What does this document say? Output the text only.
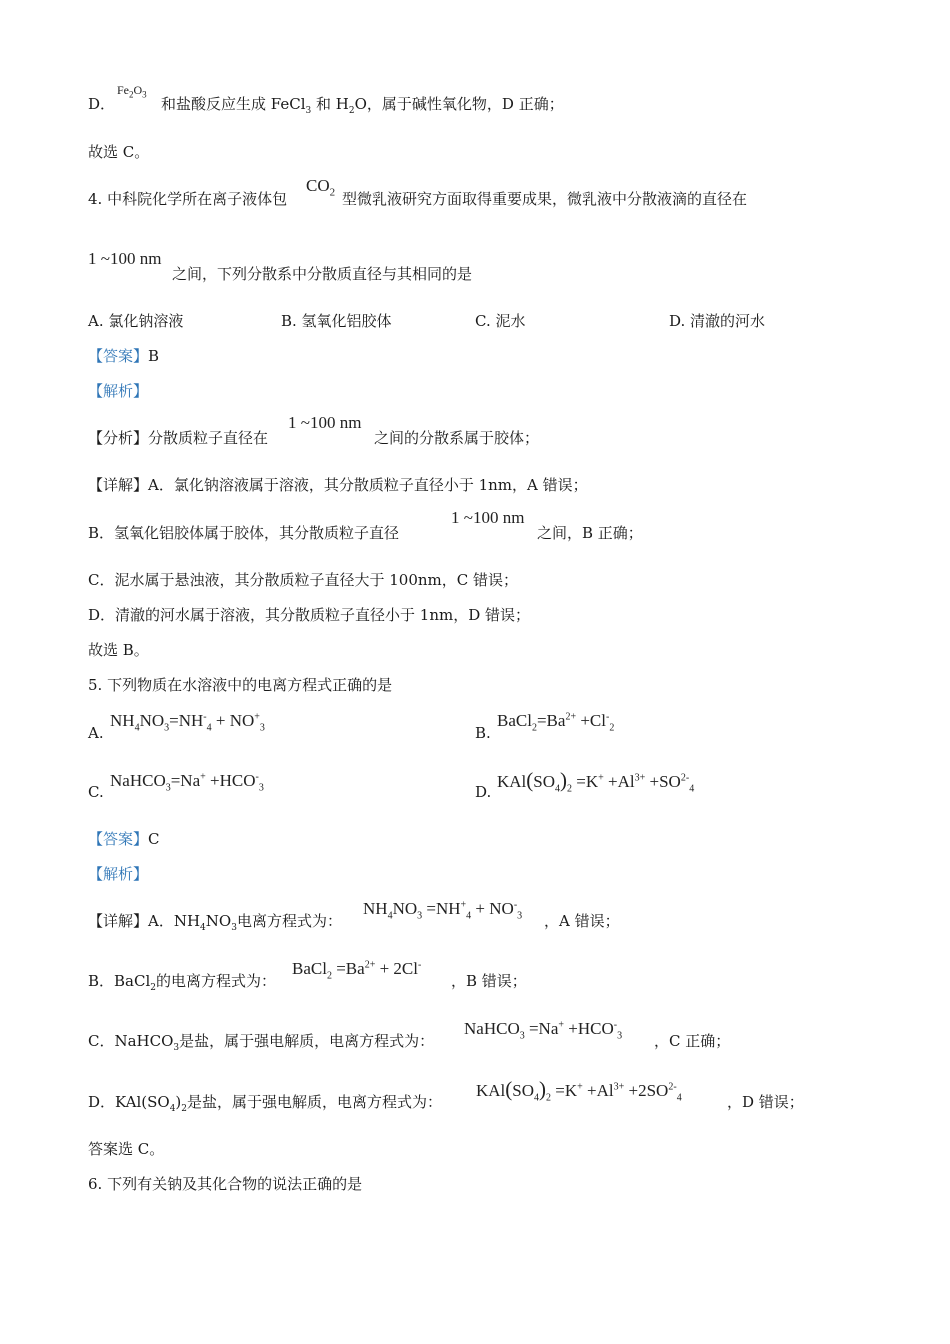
D．
$Fe_2O_3$
和盐酸反应生成 FeCl$_3$ 和 $H_2O$，属于碱性氧化物，D 正确；
故选 C。
4. 中科院化学所在离子液体包
$CO_2$ 型微乳液研究方面取得重要成果，微乳液中分散液滴的直径在
1 ~100 nm
之间，下列分散系中分散质直径与其相同的是
A. 氯化钠溶液	B. 氢氧化铝胶体	C. 泥水	D. 清澈的河水
【答案】B
【解析】
【分析】分散质粒子直径在
1 ~100 nm
之间的分散系属于胶体；
【详解】A．氯化钠溶液属于溶液，其分散质粒子直径小于 1nm，A 错误；
B．氢氧化铝胶体属于胶体，其分散质粒子直径
1 ~100 nm
之间，B 正确；
C．泥水属于悬浊液，其分散质粒子直径大于 100nm，C 错误；
D．清澈的河水属于溶液，其分散质粒子直径小于 1nm，D 错误；
故选 B。
5. 下列物质在水溶液中的电离方程式正确的是
A.
$NH_4NO_3=NH^-_4 + NO^+_3$	B.
$BaCl_2=Ba^{2+} +Cl^-_2$
C.
NaHCO$_3$=Na+ $+HCO^-_3$	D.
$KAl(SO_4)_2 =K^+ +Al^{3+} +SO^{2-}_4$
【答案】C
【解析】
【详解】A．$NH_4NO_3$电离方程式为：
$NH_4NO_3 =NH^+_4 + NO^-_3$ ，A 错误；
B．BaCl$_2$的电离方程式为：
BaCl$_2$ $=Ba^{2+} + 2Cl^-$
，B 错误；
C．NaHCO$_3$是盐，属于强电解质，电离方程式为：
NaHCO$_3$ $=Na^+ +HCO^-_3$ ，C 正确；
D．$KAl(SO_4)_2$是盐，属于强电解质，电离方程式为：
$KAl(SO_4)_2 =K^+ +Al^{3+} +2SO^{2-}_4$	，D 错误；
答案选 C。
6. 下列有关钠及其化合物的说法正确的是
